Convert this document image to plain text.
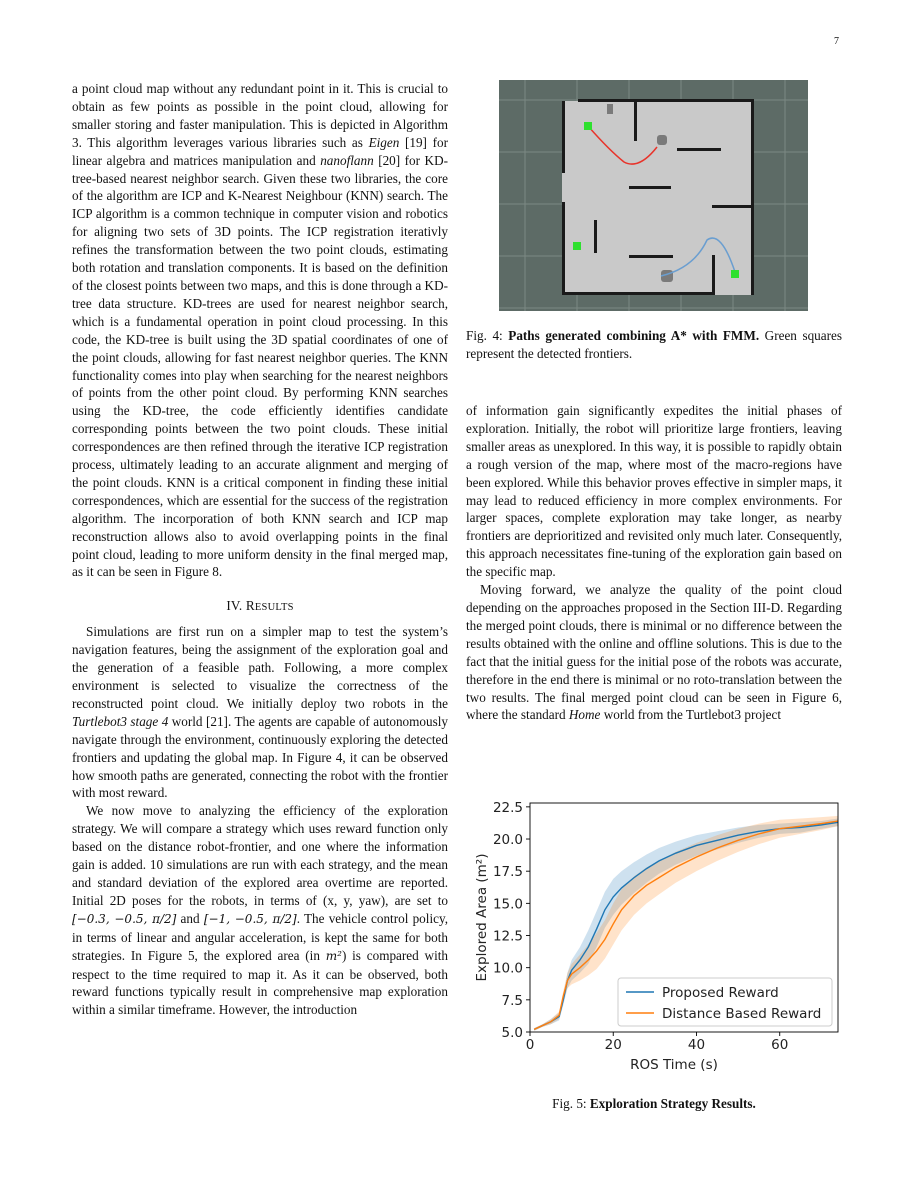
7

a point cloud map without any redundant point in it. This is crucial to obtain as few points as possible in the point cloud, allowing for smaller storing and faster manipulation. This is depicted in Algorithm 3. This algorithm leverages various libraries such as Eigen [19] for linear algebra and matrices manipulation and nanoflann [20] for KD-tree-based nearest neighbor search. Given these two libraries, the core of the algorithm are ICP and K-Nearest Neighbour (KNN) search. The ICP algorithm is a common technique in computer vision and robotics for aligning two sets of 3D points. The ICP registration iterativly refines the transformation between the two point clouds, estimating both rotation and translation components. It is based on the definition of the closest points between two maps, and this is done through a KD-tree data structure. KD-trees are used for nearest neighbor search, which is a fundamental operation in point cloud processing. In this code, the KD-tree is built using the 3D spatial coordinates of one of the point clouds, allowing for fast nearest neighbor queries. The KNN functionality comes into play when searching for the nearest neighbors of points from the other point cloud. By performing KNN searches using the KD-tree, the code efficiently identifies candidate corresponding points between the two point clouds. These initial correspondences are then refined through the iterative ICP registration process, ultimately leading to an accurate alignment and merging of the point clouds. KNN is a critical component in finding these initial correspondences, which are essential for the success of the registration algorithm. The incorporation of both KNN search and ICP map reconstruction allows also to avoid overlapping points in the final point cloud, leading to more uniform density in the final merged map, as it can be seen in Figure 8.

IV. RESULTS

Simulations are first run on a simpler map to test the system’s navigation features, being the assignment of the exploration goal and the generation of a feasible path. Following, a more complex environment is selected to visualize the correctness of the reconstructed point cloud. We initially deploy two robots in the Turtlebot3 stage 4 world [21]. The agents are capable of autonomously navigate through the environment, continuously exploring the detected frontiers and updating the global map. In Figure 4, it can be observed how smooth paths are generated, connecting the robot with the frontier with most reward.

We now move to analyzing the efficiency of the exploration strategy. We will compare a strategy which uses reward function only based on the distance robot-frontier, and one where the information gain is added. 10 simulations are run with each strategy, and the mean and standard deviation of the explored area overtime are reported. Initial 2D poses for the robots, in terms of (x, y, yaw), are set to [−0.3, −0.5, π/2] and [−1, −0.5, π/2]. The vehicle control policy, in terms of linear and angular acceleration, is kept the same for both strategies. In Figure 5, the explored area (in m²) is compared with respect to the time required to map it. As it can be observed, both reward functions typically result in comprehensive map exploration within a similar timeframe. However, the introduction

Fig. 4: Paths generated combining A* with FMM. Green squares represent the detected frontiers.

of information gain significantly expedites the initial phases of exploration. Initially, the robot will prioritize large frontiers, leaving smaller areas as unexplored. In this way, it is possible to rapidly obtain a rough version of the map, where most of the macro-regions have been explored. While this behavior proves effective in simpler maps, it may lead to reduced efficiency in more complex environments. For larger spaces, complete exploration may take longer, as nearby frontiers are deprioritized and revisited only much later. Consequently, this approach necessitates fine-tuning of the exploration gain based on the specific map.

Moving forward, we analyze the quality of the point cloud depending on the approaches proposed in the Section III-D. Regarding the merged point clouds, there is minimal or no difference between the results obtained with the online and offline solutions. This is due to the fact that the initial guess for the initial pose of the robots was accurate, therefore in the end there is minimal or no roto-translation between the two results. The final merged point cloud can be seen in Figure 6, where the standard Home world from the Turtlebot3 project

0	20	40	60
5.0
7.5
10.0
12.5
15.0
17.5
20.0
22.5
ROS Time (s)
Explored Area (m²)
Proposed Reward
Distance Based Reward
Fig. 5: Exploration Strategy Results.
